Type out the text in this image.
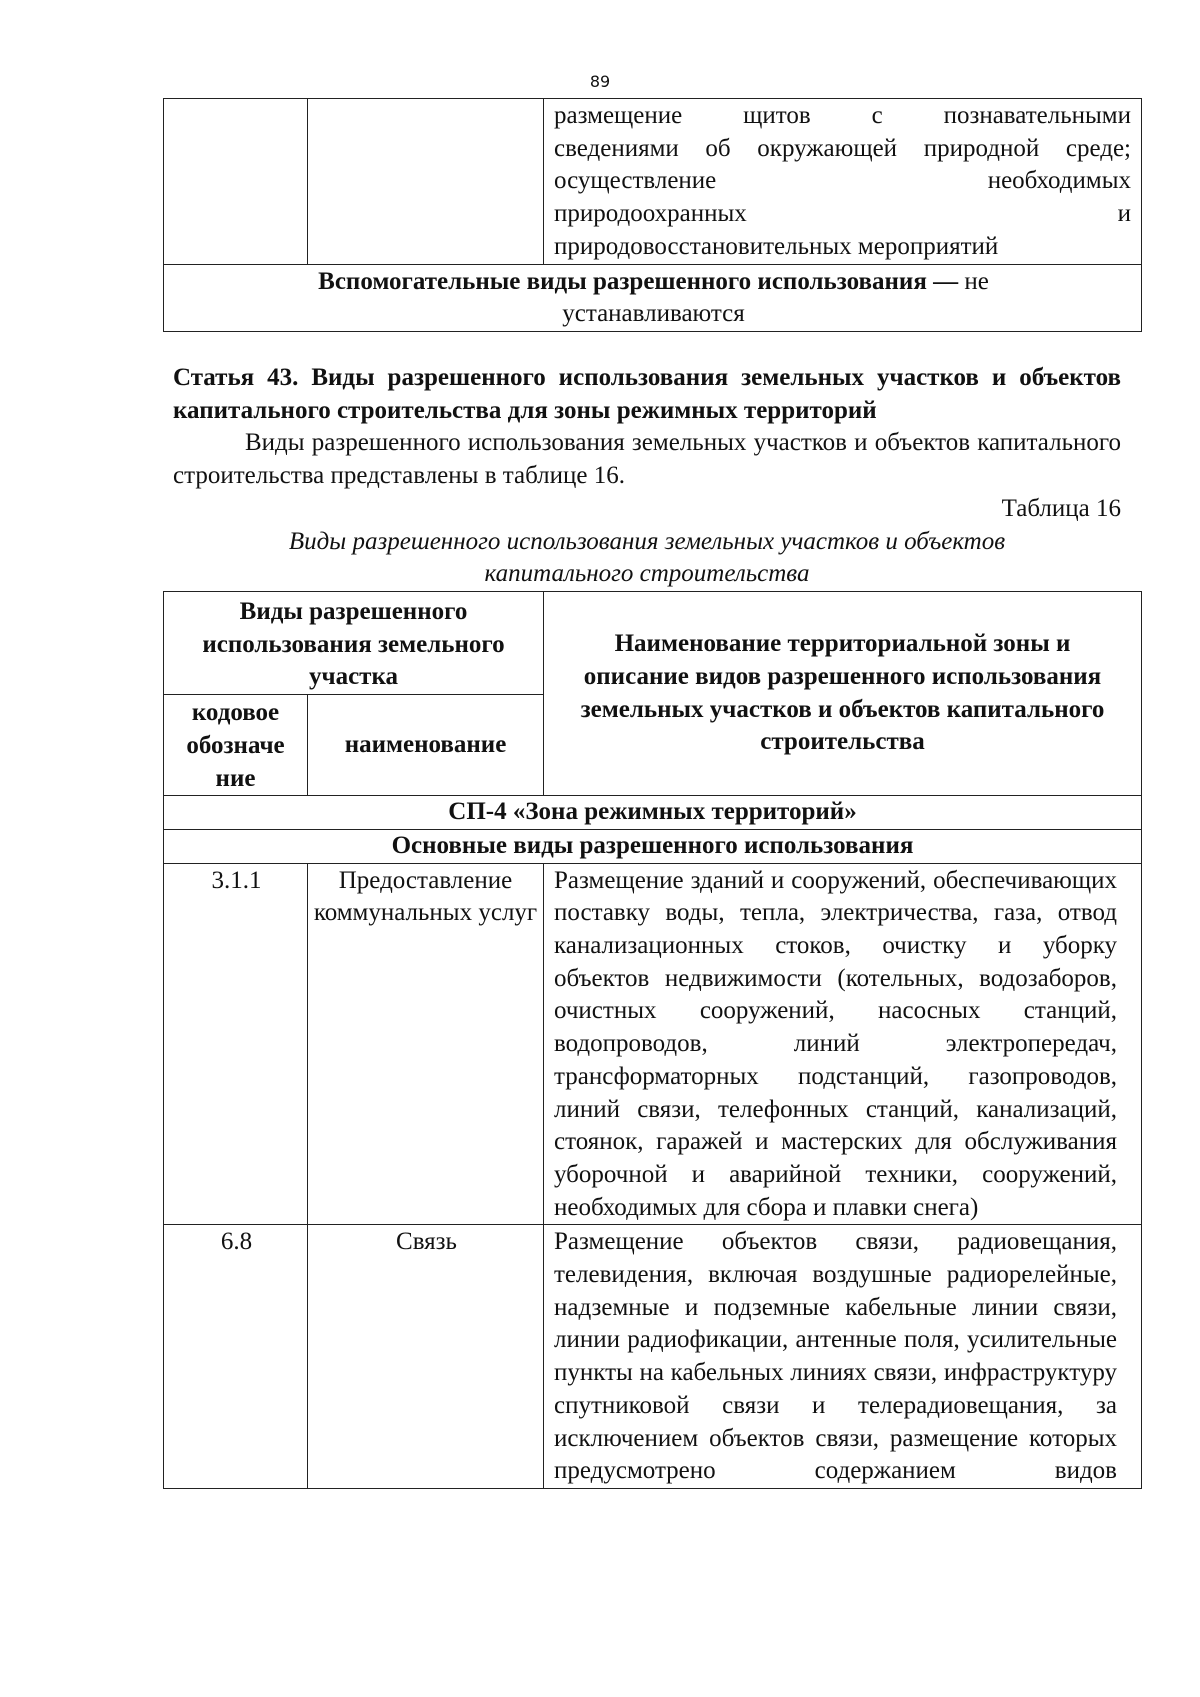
89

размещение щитов с познавательными
сведениями об окружающей природной среде;
осуществление необходимых
природоохранных и
природовосстановительных мероприятий

Вспомогательные виды разрешенного использования — не
устанавливаются
Статья 43. Виды разрешенного использования земельных участков и объектов капитального строительства для зоны режимных территорий
Виды разрешенного использования земельных участков и объектов капитального строительства представлены в таблице 16.
Таблица 16
Виды разрешенного использования земельных участков и объектов
капитального строительства
Виды разрешенного использования земельного участка		Наименование территориальной зоны и описание видов разрешенного использования земельных участков и объектов капитального строительства

кодовое обозначе ние	наименование	

СП-4 «Зона режимных территорий»		

Основные виды разрешенного использования		

3.1.1	Предоставление коммунальных услуг	Размещение зданий и сооружений, обеспечивающих поставку воды, тепла, электричества, газа, отвод канализационных стоков, очистку и уборку объектов недвижимости (котельных, водозаборов, очистных сооружений, насосных станций, водопроводов, линий электропередач, трансформаторных подстанций, газопроводов, линий связи, телефонных станций, канализаций, стоянок, гаражей и мастерских для обслуживания уборочной и аварийной техники, сооружений, необходимых для сбора и плавки снега)

6.8	Связь	Размещение объектов связи, радиовещания, телевидения, включая воздушные радиорелейные, надземные и подземные кабельные линии связи, линии радиофикации, антенные поля, усилительные пункты на кабельных линиях связи, инфраструктуру спутниковой связи и телерадиовещания, за исключением объектов связи, размещение которых предусмотрено содержанием видов
